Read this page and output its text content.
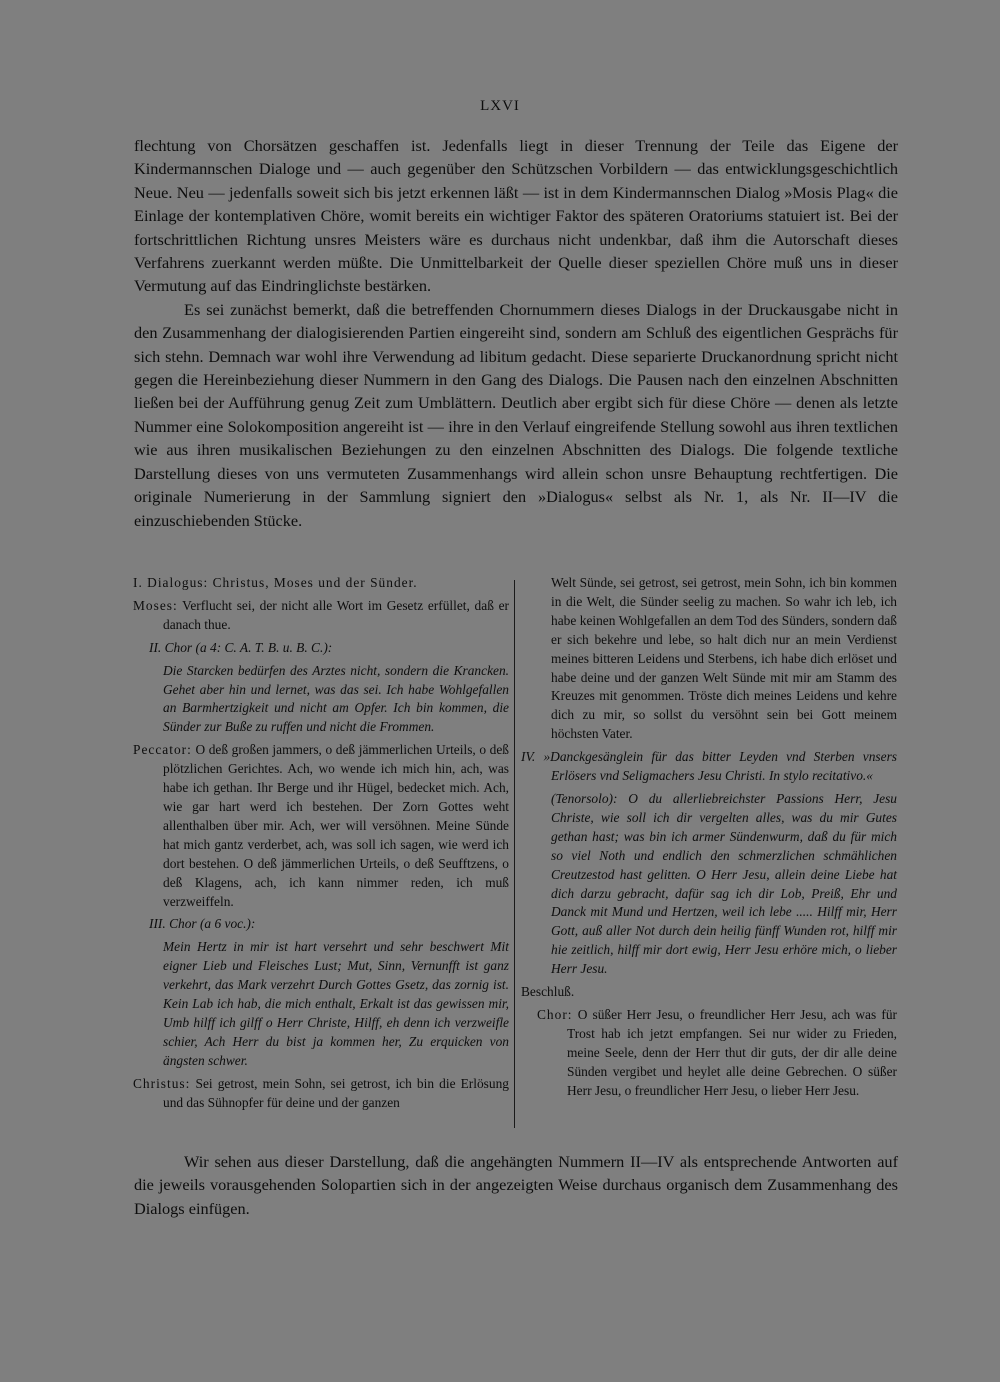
LXVI

flechtung von Chorsätzen geschaffen ist. Jedenfalls liegt in dieser Trennung der Teile das Eigene der Kindermannschen Dialoge und — auch gegenüber den Schützschen Vorbildern — das entwicklungsgeschichtlich Neue. Neu — jedenfalls soweit sich bis jetzt erkennen läßt — ist in dem Kindermannschen Dialog »Mosis Plag« die Einlage der kontemplativen Chöre, womit bereits ein wichtiger Faktor des späteren Oratoriums statuiert ist. Bei der fortschrittlichen Richtung unsres Meisters wäre es durchaus nicht undenkbar, daß ihm die Autorschaft dieses Verfahrens zuerkannt werden müßte. Die Unmittelbarkeit der Quelle dieser speziellen Chöre muß uns in dieser Vermutung auf das Eindringlichste bestärken.

Es sei zunächst bemerkt, daß die betreffenden Chornummern dieses Dialogs in der Druckausgabe nicht in den Zusammenhang der dialogisierenden Partien eingereiht sind, sondern am Schluß des eigentlichen Gesprächs für sich stehn. Demnach war wohl ihre Verwendung ad libitum gedacht. Diese separierte Druckanordnung spricht nicht gegen die Hereinbeziehung dieser Nummern in den Gang des Dialogs. Die Pausen nach den einzelnen Abschnitten ließen bei der Aufführung genug Zeit zum Umblättern. Deutlich aber ergibt sich für diese Chöre — denen als letzte Nummer eine Solokomposition angereiht ist — ihre in den Verlauf eingreifende Stellung sowohl aus ihren textlichen wie aus ihren musikalischen Beziehungen zu den einzelnen Abschnitten des Dialogs. Die folgende textliche Darstellung dieses von uns vermuteten Zusammenhangs wird allein schon unsre Behauptung rechtfertigen. Die originale Numerierung in der Sammlung signiert den »Dialogus« selbst als Nr. 1, als Nr. II—IV die einzuschiebenden Stücke.

I. Dialogus: Christus, Moses und der Sünder.
Moses: Verflucht sei, der nicht alle Wort im Gesetz erfüllet, daß er danach thue.
II. Chor (a 4: C. A. T. B. u. B. C.):
Die Starcken bedürfen des Arztes nicht, sondern die Krancken. Gehet aber hin und lernet, was das sei. Ich habe Wohlgefallen an Barmhertzigkeit und nicht am Opfer. Ich bin kommen, die Sünder zur Buße zu ruffen und nicht die Frommen.
Peccator: O deß großen jammers, o deß jämmerlichen Urteils, o deß plötzlichen Gerichtes. Ach, wo wende ich mich hin, ach, was habe ich gethan. Ihr Berge und ihr Hügel, bedecket mich. Ach, wie gar hart werd ich bestehen. Der Zorn Gottes weht allenthalben über mir. Ach, wer will versöhnen. Meine Sünde hat mich gantz verderbet, ach, was soll ich sagen, wie werd ich dort bestehen. O deß jämmerlichen Urteils, o deß Seufftzens, o deß Klagens, ach, ich kann nimmer reden, ich muß verzweiffeln.
III. Chor (a 6 voc.):
Mein Hertz in mir ist hart versehrt und sehr beschwert Mit eigner Lieb und Fleisches Lust; Mut, Sinn, Vernunfft ist ganz verkehrt, das Mark verzehrt Durch Gottes Gsetz, das zornig ist. Kein Lab ich hab, die mich enthalt, Erkalt ist das gewissen mir, Umb hilff ich gilff o Herr Christe, Hilff, eh denn ich verzweifle schier, Ach Herr du bist ja kommen her, Zu erquicken von ängsten schwer.
Christus: Sei getrost, mein Sohn, sei getrost, ich bin die Erlösung und das Sühnopfer für deine und der ganzen
Welt Sünde, sei getrost, sei getrost, mein Sohn, ich bin kommen in die Welt, die Sünder seelig zu machen. So wahr ich leb, ich habe keinen Wohlgefallen an dem Tod des Sünders, sondern daß er sich bekehre und lebe, so halt dich nur an mein Verdienst meines bitteren Leidens und Sterbens, ich habe dich erlöset und habe deine und der ganzen Welt Sünde mit mir am Stamm des Kreuzes mit genommen. Tröste dich meines Leidens und kehre dich zu mir, so sollst du versöhnt sein bei Gott meinem höchsten Vater.
IV. »Danckgesänglein für das bitter Leyden vnd Sterben vnsers Erlösers vnd Seligmachers Jesu Christi. In stylo recitativo.«
(Tenorsolo): O du allerliebreichster Passions Herr, Jesu Christe, wie soll ich dir vergelten alles, was du mir Gutes gethan hast; was bin ich armer Sündenwurm, daß du für mich so viel Noth und endlich den schmerzlichen schmählichen Creutzestod hast gelitten. O Herr Jesu, allein deine Liebe hat dich darzu gebracht, dafür sag ich dir Lob, Preiß, Ehr und Danck mit Mund und Hertzen, weil ich lebe ..... Hilff mir, Herr Gott, auß aller Not durch dein heilig fünff Wunden rot, hilff mir hie zeitlich, hilff mir dort ewig, Herr Jesu erhöre mich, o lieber Herr Jesu.
Beschluß.
Chor: O süßer Herr Jesu, o freundlicher Herr Jesu, ach was für Trost hab ich jetzt empfangen. Sei nur wider zu Frieden, meine Seele, denn der Herr thut dir guts, der dir alle deine Sünden vergibet und heylet alle deine Gebrechen. O süßer Herr Jesu, o freundlicher Herr Jesu, o lieber Herr Jesu.

Wir sehen aus dieser Darstellung, daß die angehängten Nummern II—IV als entsprechende Antworten auf die jeweils vorausgehenden Solopartien sich in der angezeigten Weise durchaus organisch dem Zusammenhang des Dialogs einfügen.
